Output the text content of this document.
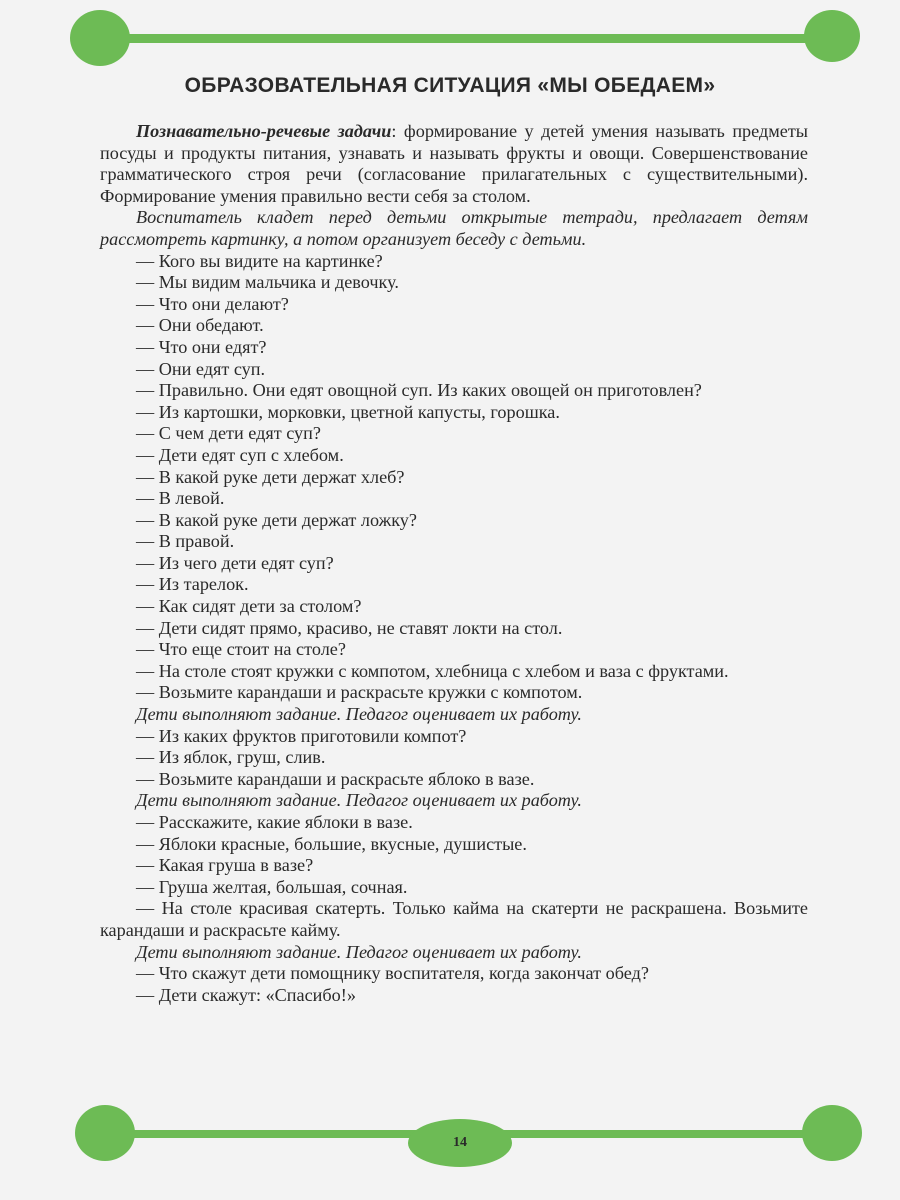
ОБРАЗОВАТЕЛЬНАЯ СИТУАЦИЯ «МЫ ОБЕДАЕМ»

Познавательно-речевые задачи: формирование у детей умения называть предметы посуды и продукты питания, узнавать и называть фрукты и овощи. Совершенствование грамматического строя речи (согласование прилагательных с существительными). Формирование умения правильно вести себя за столом.

Воспитатель кладет перед детьми открытые тетради, предлагает детям рассмотреть картинку, а потом организует беседу с детьми.

— Кого вы видите на картинке?

— Мы видим мальчика и девочку.

— Что они делают?

— Они обедают.

— Что они едят?

— Они едят суп.

— Правильно. Они едят овощной суп. Из каких овощей он приготовлен?

— Из картошки, морковки, цветной капусты, горошка.

— С чем дети едят суп?

— Дети едят суп с хлебом.

— В какой руке дети держат хлеб?

— В левой.

— В какой руке дети держат ложку?

— В правой.

— Из чего дети едят суп?

— Из тарелок.

— Как сидят дети за столом?

— Дети сидят прямо, красиво, не ставят локти на стол.

— Что еще стоит на столе?

— На столе стоят кружки с компотом, хлебница с хлебом и ваза с фруктами.

— Возьмите карандаши и раскрасьте кружки с компотом.

Дети выполняют задание. Педагог оценивает их работу.

— Из каких фруктов приготовили компот?

— Из яблок, груш, слив.

— Возьмите карандаши и раскрасьте яблоко в вазе.

Дети выполняют задание. Педагог оценивает их работу.

— Расскажите, какие яблоки в вазе.

— Яблоки красные, большие, вкусные, душистые.

— Какая груша в вазе?

— Груша желтая, большая, сочная.

— На столе красивая скатерть. Только кайма на скатерти не раскрашена. Возьмите карандаши и раскрасьте кайму.

Дети выполняют задание. Педагог оценивает их работу.

— Что скажут дети помощнику воспитателя, когда закончат обед?

— Дети скажут: «Спасибо!»

14
